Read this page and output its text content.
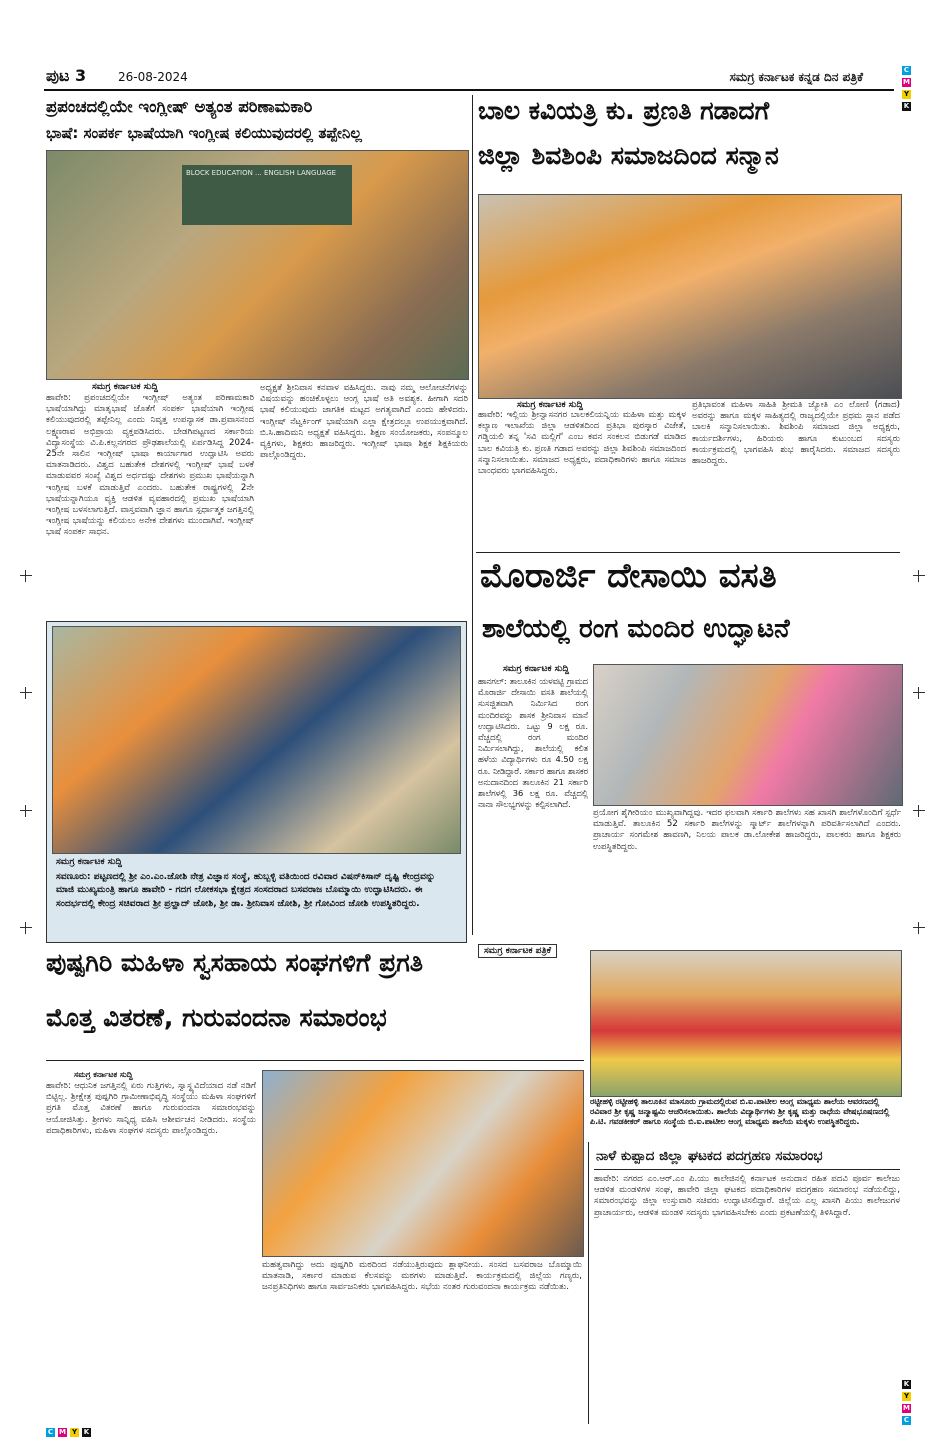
ಪುಟ 3	26-08-2024	ಸಮಗ್ರ ಕರ್ನಾಟಕ ಕನ್ನಡ ದಿನ ಪತ್ರಿಕೆ	C
M
Y
K
ಪ್ರಪಂಚದಲ್ಲಿಯೇ ಇಂಗ್ಲೀಷ್ ಅತ್ಯಂತ ಪರಿಣಾಮಕಾರಿ
ಭಾಷೆ: ಸಂಪರ್ಕ ಭಾಷೆಯಾಗಿ ಇಂಗ್ಲೀಷ ಕಲಿಯುವುದರಲ್ಲಿ ತಪ್ಪೇನಿಲ್ಲ
BLOCK EDUCATION ... ENGLISH LANGUAGE
ಸಮಗ್ರ ಕರ್ನಾಟಕ ಸುದ್ದಿ
ಹಾವೇರಿ: ಪ್ರಪಂಚದಲ್ಲಿಯೇ ಇಂಗ್ಲೀಷ್ ಅತ್ಯಂತ ಪರಿಣಾಮಕಾರಿ ಭಾಷೆಯಾಗಿದ್ದು ಮಾತೃಭಾಷೆ ಜೊತೆಗೆ ಸಂಪರ್ಕ ಭಾಷೆಯಾಗಿ ಇಂಗ್ಲೀಷ ಕಲಿಯುವುದರಲ್ಲಿ ತಪ್ಪೇನಿಲ್ಲ ಎಂದು ನಿವೃತ್ತ ಉಪನ್ಯಾಸಕ ಡಾ.ಪ್ರವಾಸನಂದ ಲಕ್ಷ್ಮಣರಾವ ಅಭಿಪ್ರಾಯ ವ್ಯಕ್ತಪಡಿಸಿದರು. ಬೇಡಗಿಪಟ್ಟಣದ ಸರ್ಕಾರಿಯ ವಿದ್ಯಾಸಂಸ್ಥೆಯ ವಿ.ಪಿ.ಕಲ್ಲನಗರದ ಪ್ರೌಢಶಾಲೆಯಲ್ಲಿ ಏರ್ಪಡಿಸಿದ್ದ 2024-25ನೇ ಸಾಲಿನ ಇಂಗ್ಲೀಷ್ ಭಾಷಾ ಕಾರ್ಯಾಗಾರ ಉದ್ಘಾಟಿಸಿ ಅವರು ಮಾತನಾಡಿದರು. ವಿಶ್ವದ ಬಹುತೇಕ ದೇಶಗಳಲ್ಲಿ ಇಂಗ್ಲೀಷ್ ಭಾಷೆ ಬಳಕೆ ಮಾಡುವವರ ಸಂಖ್ಯೆ ವಿಶ್ವದ ಅರ್ಧದಷ್ಟು ದೇಶಗಳು ಪ್ರಮುಖ ಭಾಷೆಯನ್ನಾಗಿ ಇಂಗ್ಲೀಷ ಬಳಕೆ ಮಾಡುತ್ತಿವೆ ಎಂದರು. ಬಹುತೇಕ ರಾಷ್ಟ್ರಗಳಲ್ಲಿ 2ನೇ ಭಾಷೆಯನ್ನಾಗಿಯೂ ವ್ಯಕ್ತಿ ಆಡಳಿತ ವ್ಯವಹಾರದಲ್ಲಿ ಪ್ರಮುಖ ಭಾಷೆಯಾಗಿ ಇಂಗ್ಲೀಷ ಬಳಸಲಾಗುತ್ತಿದೆ. ವಾಸ್ತವವಾಗಿ ಜ್ಞಾನ ಹಾಗೂ ಸ್ಪರ್ಧಾತ್ಮಕ ಜಗತ್ತಿನಲ್ಲಿ ಇಂಗ್ಲೀಷ ಭಾಷೆಯನ್ನು ಕಲಿಯಲು ಅನೇಕ ದೇಶಗಳು ಮುಂದಾಗಿವೆ. ಇಂಗ್ಲೀಷ್ ಭಾಷೆ ಸಂಪರ್ಕ ಸಾಧನ.
ಅಧ್ಯಕ್ಷತೆ ಶ್ರೀನಿವಾಸ ಕನವಾಳ ವಹಿಸಿದ್ದರು. ನಾವು ನಮ್ಮ ಆಲೋಚನೆಗಳನ್ನು ವಿಷಯವನ್ನು ಹಂಚಿಕೊಳ್ಳಲು ಆಂಗ್ಲ ಭಾಷೆ ಅತಿ ಅವಶ್ಯಕ. ಹೀಗಾಗಿ ಸದರಿ ಭಾಷೆ ಕಲಿಯುವುದು ಜಾಗತಿಕ ಮಟ್ಟದ ಅಗತ್ಯವಾಗಿದೆ ಎಂದು ಹೇಳಿದರು. ಇಂಗ್ಲೀಷ್ ನೆಟ್ವರ್ಕಿಂಗ್ ಭಾಷೆಯಾಗಿ ಎಲ್ಲಾ ಕ್ಷೇತ್ರದಲ್ಲೂ ಉಪಯುಕ್ತವಾಗಿದೆ. ಬಿ.ಸಿ.ಹಾದಿಮನಿ ಅಧ್ಯಕ್ಷತೆ ವಹಿಸಿದ್ದರು. ಶಿಕ್ಷಣ ಸಂಯೋಜಕರು, ಸಂಪನ್ಮೂಲ ವ್ಯಕ್ತಿಗಳು, ಶಿಕ್ಷಕರು ಹಾಜರಿದ್ದರು. ಇಂಗ್ಲೀಷ್ ಭಾಷಾ ಶಿಕ್ಷಕ ಶಿಕ್ಷಕಿಯರು ಪಾಲ್ಗೊಂಡಿದ್ದರು.
ಬಾಲ ಕವಿಯತ್ರಿ ಕು. ಪ್ರಣತಿ ಗಡಾದಗೆ
ಜಿಲ್ಲಾ ಶಿವಶಿಂಪಿ ಸಮಾಜದಿಂದ ಸನ್ಮಾನ
ಸಮಗ್ರ ಕರ್ನಾಟಕ ಸುದ್ದಿ
ಹಾವೇರಿ: ಇಲ್ಲಿಯ ಶ್ರೀನ್ವಾಸನಗರ ಬಾಲಕಲಿಯನ್ನಿಯ ಮಹಿಳಾ ಮತ್ತು ಮಕ್ಕಳ ಕಲ್ಯಾಣ ಇಲಾಖೆಯ ಜಿಲ್ಲಾ ಆಡಳಿತದಿಂದ ಪ್ರತಿಭಾ ಪುರಸ್ಕಾರ ವಿಜೇತೆ, ಗಡ್ಡಿಯಲಿ ತನ್ನ 'ಸವಿ ಮಲ್ಲಿಗೆ' ಎಂಬ ಕವನ ಸಂಕಲನ ಬಿಡುಗಡೆ ಮಾಡಿದ ಬಾಲ ಕವಿಯತ್ರಿ ಕು. ಪ್ರಣತಿ ಗಡಾದ ಅವರನ್ನು ಜಿಲ್ಲಾ ಶಿವಶಿಂಪಿ ಸಮಾಜದಿಂದ ಸನ್ಮಾನಿಸಲಾಯಿತು. ಸಮಾಜದ ಅಧ್ಯಕ್ಷರು, ಪದಾಧಿಕಾರಿಗಳು ಹಾಗೂ ಸಮಾಜ ಬಾಂಧವರು ಭಾಗವಹಿಸಿದ್ದರು.
ಪ್ರತಿಭಾವಂತ ಮಹಿಳಾ ಸಾಹಿತಿ ಶ್ರೀಮತಿ ಜ್ಯೋತಿ ಎಂ ಲೋಣಿ (ಗಡಾದ) ಅವರನ್ನು ಹಾಗೂ ಮಕ್ಕಳ ಸಾಹಿತ್ಯದಲ್ಲಿ ರಾಜ್ಯದಲ್ಲಿಯೇ ಪ್ರಥಮ ಸ್ಥಾನ ಪಡೆದ ಬಾಲಕಿ ಸನ್ಮಾನಿಸಲಾಯಿತು. ಶಿವಶಿಂಪಿ ಸಮಾಜದ ಜಿಲ್ಲಾ ಅಧ್ಯಕ್ಷರು, ಕಾರ್ಯದರ್ಶಿಗಳು, ಹಿರಿಯರು ಹಾಗೂ ಕುಟುಂಬದ ಸದಸ್ಯರು ಕಾರ್ಯಕ್ರಮದಲ್ಲಿ ಭಾಗವಹಿಸಿ ಶುಭ ಹಾರೈಸಿದರು. ಸಮಾಜದ ಸದಸ್ಯರು ಹಾಜರಿದ್ದರು.
ಮೊರಾರ್ಜಿ ದೇಸಾಯಿ ವಸತಿ
ಶಾಲೆಯಲ್ಲಿ ರಂಗ ಮಂದಿರ ಉದ್ಘಾಟನೆ
ಸಮಗ್ರ ಕರ್ನಾಟಕ ಸುದ್ದಿ
ಹಾನಗಲ್: ತಾಲೂಕಿನ ಯಳವಟ್ಟಿ ಗ್ರಾಮದ ಮೊರಾರ್ಜಿ ದೇಸಾಯಿ ವಸತಿ ಶಾಲೆಯಲ್ಲಿ ಸುಸಜ್ಜಿತವಾಗಿ ನಿರ್ಮಿಸಿದ ರಂಗ ಮಂದಿರವನ್ನು ಶಾಸಕ ಶ್ರೀನಿವಾಸ ಮಾನೆ ಉದ್ಘಾಟಿಸಿದರು. ಒಟ್ಟು 9 ಲಕ್ಷ ರೂ. ವೆಚ್ಚದಲ್ಲಿ ರಂಗ ಮಂದಿರ ನಿರ್ಮಿಸಲಾಗಿದ್ದು, ಶಾಲೆಯಲ್ಲಿ ಕಲಿತ ಹಳೆಯ ವಿದ್ಯಾರ್ಥಿಗಳು ರೂ 4.50 ಲಕ್ಷ ರೂ. ನೀಡಿದ್ದಾರೆ. ಸರ್ಕಾರ ಹಾಗೂ ಶಾಸಕರ ಅನುದಾನದಿಂದ ತಾಲೂಕಿನ 21 ಸರ್ಕಾರಿ ಶಾಲೆಗಳಲ್ಲಿ 36 ಲಕ್ಷ ರೂ. ವೆಚ್ಚದಲ್ಲಿ ನಾನಾ ಸೌಲಭ್ಯಗಳನ್ನು ಕಲ್ಪಿಸಲಾಗಿದೆ.
ಪ್ರಯೋಗ ಶೈಗೀರಿಯಂ ಮುಖ್ಯವಾಗಿದ್ದವು. ಇದರ ಫಲವಾಗಿ ಸರ್ಕಾರಿ ಶಾಲೆಗಳು ಸಹ ಖಾಸಗಿ ಶಾಲೆಗಳೊಂದಿಗೆ ಸ್ಪರ್ಧೆ ಮಾಡುತ್ತಿವೆ. ತಾಲೂಕಿನ 52 ಸರ್ಕಾರಿ ಶಾಲೆಗಳನ್ನು ಸ್ಮಾರ್ಟ್ ಶಾಲೆಗಳನ್ನಾಗಿ ಪರಿವರ್ತಿಸಲಾಗಿದೆ ಎಂದರು. ಪ್ರಾಚಾರ್ಯ ಸಂಗಮೇಶ ಹಾವಣಗಿ, ನಿಲಯ ಪಾಲಕ ಡಾ.ಲೋಕೇಶ ಹಾಜರಿದ್ದರು, ಪಾಲಕರು ಹಾಗೂ ಶಿಕ್ಷಕರು ಉಪಸ್ಥಿತರಿದ್ದರು.
ಸಮಗ್ರ ಕರ್ನಾಟಕ ಸುದ್ದಿ
ಸವಣೂರು: ಪಟ್ಟಣದಲ್ಲಿ ಶ್ರೀ ಎಂ.ಎಂ.ಜೋಶಿ ನೇತ್ರ ವಿಜ್ಞಾನ ಸಂಸ್ಥೆ, ಹುಬ್ಬಳ್ಳಿ ವತಿಯಿಂದ ರವಿವಾರ ವಿಷನ್‌ಕಿಸಾನ್ ದೃಷ್ಟಿ ಕೇಂದ್ರವನ್ನು ಮಾಜಿ ಮುಖ್ಯಮಂತ್ರಿ ಹಾಗೂ ಹಾವೇರಿ - ಗದಗ ಲೋಕಸಭಾ ಕ್ಷೇತ್ರದ ಸಂಸದರಾದ ಬಸವರಾಜ ಬೊಮ್ಮಾಯಿ ಉದ್ಘಾಟಿಸಿದರು. ಈ ಸಂದರ್ಭದಲ್ಲಿ ಕೇಂದ್ರ ಸಚಿವರಾದ ಶ್ರೀ ಪ್ರಲ್ಹಾದ್ ಜೋಶಿ, ಶ್ರೀ ಡಾ. ಶ್ರೀನಿವಾಸ ಜೋಶಿ, ಶ್ರೀ ಗೋವಿಂದ ಜೋಶಿ ಉಪಸ್ಥಿತರಿದ್ದರು.
ಸಮಗ್ರ ಕರ್ನಾಟಕ ಪತ್ರಿಕೆ
ರಟ್ಟೀಹಳ್ಳಿ ರಟ್ಟೀಹಳ್ಳಿ ತಾಲೂಕಿನ ಮಾಸೂರು ಗ್ರಾಮದಲ್ಲಿರುವ ಬಿ.ಐ.ಪಾಟೀಲ ಆಂಗ್ಲ ಮಾಧ್ಯಮ ಶಾಲೆಯ ಆವರಣದಲ್ಲಿ ರವಿವಾರ ಶ್ರೀ ಕೃಷ್ಣ ಜನ್ಮಾಷ್ಟಮಿ ಆಚರಿಸಲಾಯಿತು. ಶಾಲೆಯ ವಿದ್ಯಾರ್ಥಿಗಳು ಶ್ರೀ ಕೃಷ್ಣ ಮತ್ತು ರಾಧೆಯ ವೇಷಭೂಷಣದಲ್ಲಿ ಪಿ.ಟಿ. ಗವಡಕೀಕರ್ ಹಾಗೂ ಸಂಸ್ಥೆಯ ಬಿ.ಐ.ಪಾಟೀಲ ಆಂಗ್ಲ ಮಾಧ್ಯಮ ಶಾಲೆಯ ಮಕ್ಕಳು ಉಪಸ್ಥಿತರಿದ್ದರು.
ಪುಷ್ಪಗಿರಿ ಮಹಿಳಾ ಸ್ವಸಹಾಯ ಸಂಘಗಳಿಗೆ ಪ್ರಗತಿ
ಮೊತ್ತ ವಿತರಣೆ, ಗುರುವಂದನಾ ಸಮಾರಂಭ
ಸಮಗ್ರ ಕರ್ನಾಟಕ ಸುದ್ದಿ
ಹಾವೇರಿ: ಆಧುನಿಕ ಜಗತ್ತಿನಲ್ಲಿ ಏರು ಗುತ್ತಿಗಳು, ಸ್ವಾಸ್ಥ್ಯವಿದೆಯಾದ ನಡೆ ನಡಿಗೆ ಬಿಟ್ಟಿಲ್ಲ. ಶ್ರೀಕ್ಷೇತ್ರ ಪುಷ್ಪಗಿರಿ ಗ್ರಾಮೀಣಾಭಿವೃದ್ಧಿ ಸಂಸ್ಥೆಯು ಮಹಿಳಾ ಸಂಘಗಳಿಗೆ ಪ್ರಗತಿ ಮೊತ್ತ ವಿತರಣೆ ಹಾಗೂ ಗುರುವಂದನಾ ಸಮಾರಂಭವನ್ನು ಆಯೋಜಿಸಿತ್ತು. ಶ್ರೀಗಳು ಸಾನ್ನಿಧ್ಯ ವಹಿಸಿ ಆಶೀರ್ವಚನ ನೀಡಿದರು. ಸಂಸ್ಥೆಯ ಪದಾಧಿಕಾರಿಗಳು, ಮಹಿಳಾ ಸಂಘಗಳ ಸದಸ್ಯರು ಪಾಲ್ಗೊಂಡಿದ್ದರು.
ಮಹತ್ವವಾಗಿದ್ದು ಅದು ಪುಷ್ಪಗಿರಿ ಮಠದಿಂದ ನಡೆಯುತ್ತಿರುವುದು ಶ್ಲಾಘನೀಯ. ಸಂಸದ ಬಸವರಾಜ ಬೊಮ್ಮಾಯಿ ಮಾತನಾಡಿ, ಸರ್ಕಾರ ಮಾಡುವ ಕೆಲಸವನ್ನು ಮಠಗಳು ಮಾಡುತ್ತಿವೆ. ಕಾರ್ಯಕ್ರಮದಲ್ಲಿ ಜಿಲ್ಲೆಯ ಗಣ್ಯರು, ಜನಪ್ರತಿನಿಧಿಗಳು ಹಾಗೂ ಸಾರ್ವಜನಿಕರು ಭಾಗವಹಿಸಿದ್ದರು. ಸಭೆಯ ನಂತರ ಗುರುವಂದನಾ ಕಾರ್ಯಕ್ರಮ ನಡೆಯಿತು.
ನಾಳೆ ಕುಪ್ಪಾದ ಜಿಲ್ಲಾ ಘಟಕದ ಪದಗ್ರಹಣ ಸಮಾರಂಭ
ಹಾವೇರಿ: ನಗರದ ಎಂ.ಆರ್.ಎಂ ಪಿ.ಯು ಕಾಲೇಜಿನಲ್ಲಿ ಕರ್ನಾಟಕ ಅನುದಾನ ರಹಿತ ಪದವಿ ಪೂರ್ವ ಕಾಲೇಜು ಆಡಳಿತ ಮಂಡಳಿಗಳ ಸಂಘ, ಹಾವೇರಿ ಜಿಲ್ಲಾ ಘಟಕದ ಪದಾಧಿಕಾರಿಗಳ ಪದಗ್ರಹಣ ಸಮಾರಂಭ ನಡೆಯಲಿದ್ದು, ಸಮಾರಂಭವನ್ನು ಜಿಲ್ಲಾ ಉಸ್ತುವಾರಿ ಸಚಿವರು ಉದ್ಘಾಟಿಸಲಿದ್ದಾರೆ. ಜಿಲ್ಲೆಯ ಎಲ್ಲ ಖಾಸಗಿ ಪಿಯು ಕಾಲೇಜುಗಳ ಪ್ರಾಚಾರ್ಯರು, ಆಡಳಿತ ಮಂಡಳಿ ಸದಸ್ಯರು ಭಾಗವಹಿಸಬೇಕು ಎಂದು ಪ್ರಕಟಣೆಯಲ್ಲಿ ತಿಳಿಸಿದ್ದಾರೆ.
C M Y K
K
Y
M
C
